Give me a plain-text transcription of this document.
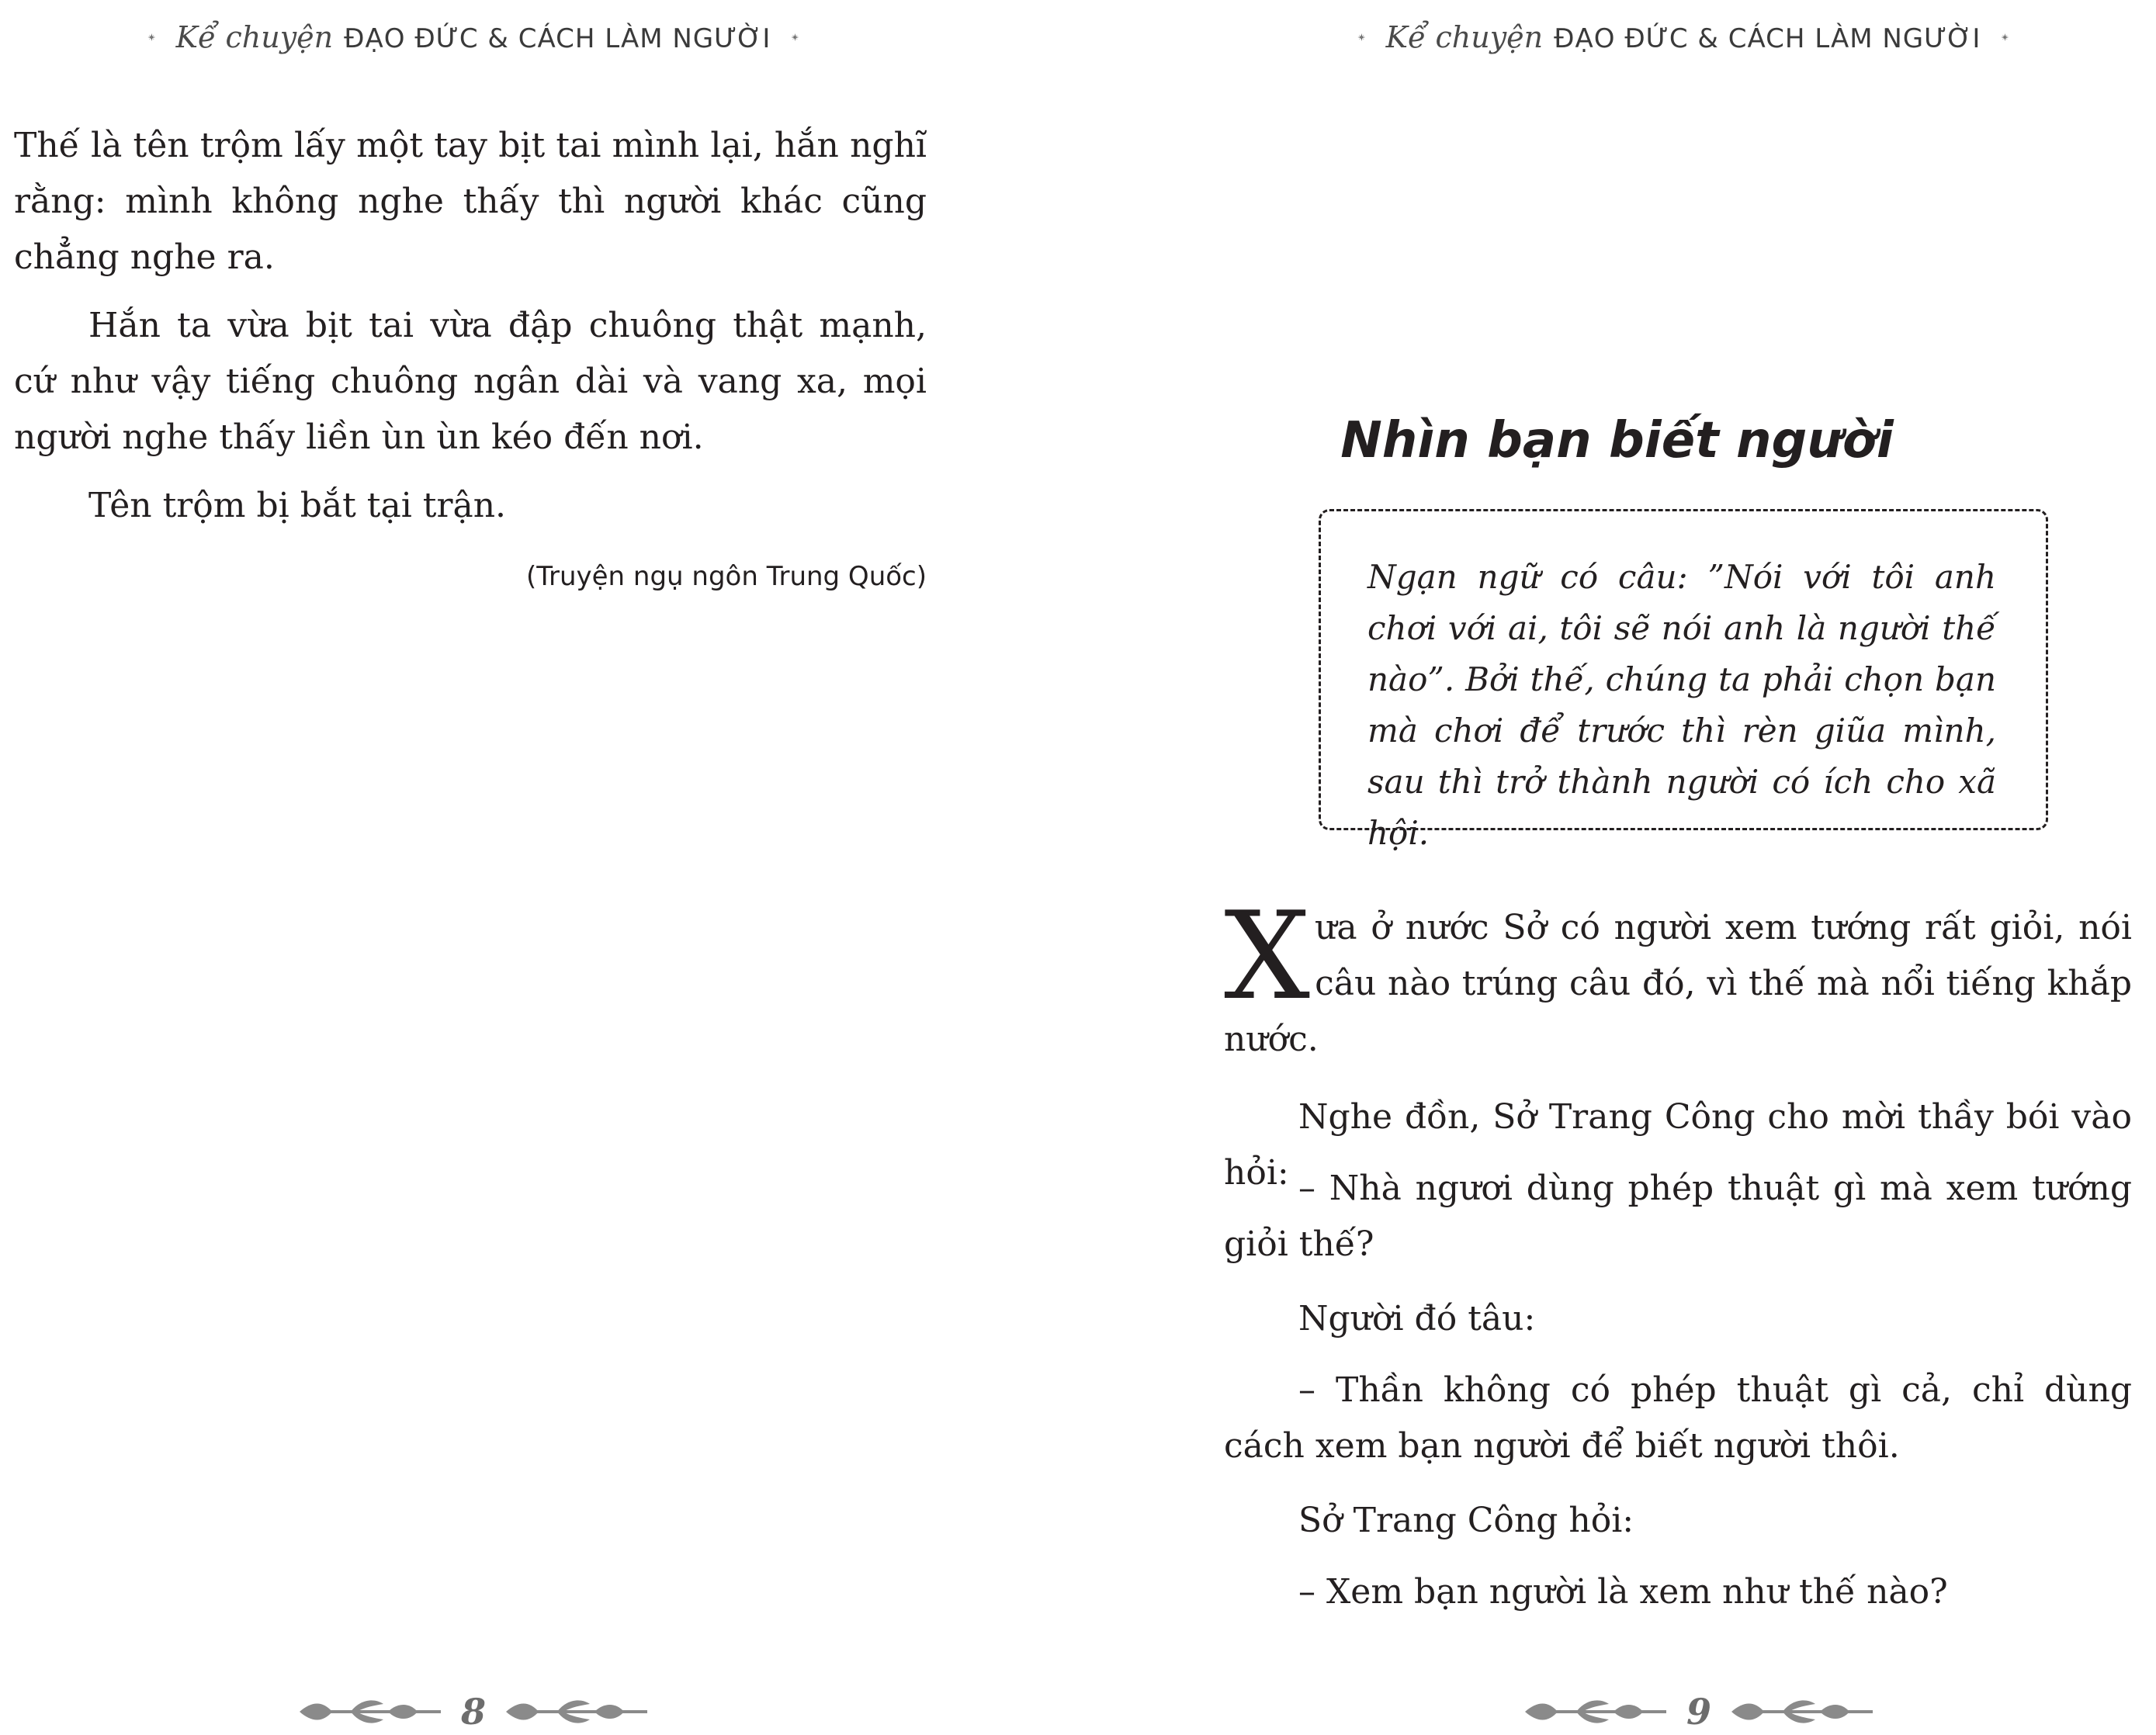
Kể chuyện ĐẠO ĐỨC & CÁCH LÀM NGƯỜI

Thế là tên trộm lấy một tay bịt tai mình lại, hắn nghĩ rằng: mình không nghe thấy thì người khác cũng chẳng nghe ra.

Hắn ta vừa bịt tai vừa đập chuông thật mạnh, cứ như vậy tiếng chuông ngân dài và vang xa, mọi người nghe thấy liền ùn ùn kéo đến nơi.

Tên trộm bị bắt tại trận.

(Truyện ngụ ngôn Trung Quốc)
8
Kể chuyện ĐẠO ĐỨC & CÁCH LÀM NGƯỜI
Nhìn bạn biết người

Ngạn ngữ có câu: ”Nói với tôi anh chơi với ai, tôi sẽ nói anh là người thế nào”. Bởi thế, chúng ta phải chọn bạn mà chơi để trước thì rèn giũa mình, sau thì trở thành người có ích cho xã hội.

Xưa ở nước Sở có người xem tướng rất giỏi, nói câu nào trúng câu đó, vì thế mà nổi tiếng khắp nước.

Nghe đồn, Sở Trang Công cho mời thầy bói vào hỏi: – Nhà ngươi dùng phép thuật gì mà xem tướng giỏi thế?

Người đó tâu:

– Thần không có phép thuật gì cả, chỉ dùng cách xem bạn người để biết người thôi.

Sở Trang Công hỏi:

– Xem bạn người là xem như thế nào?

9
